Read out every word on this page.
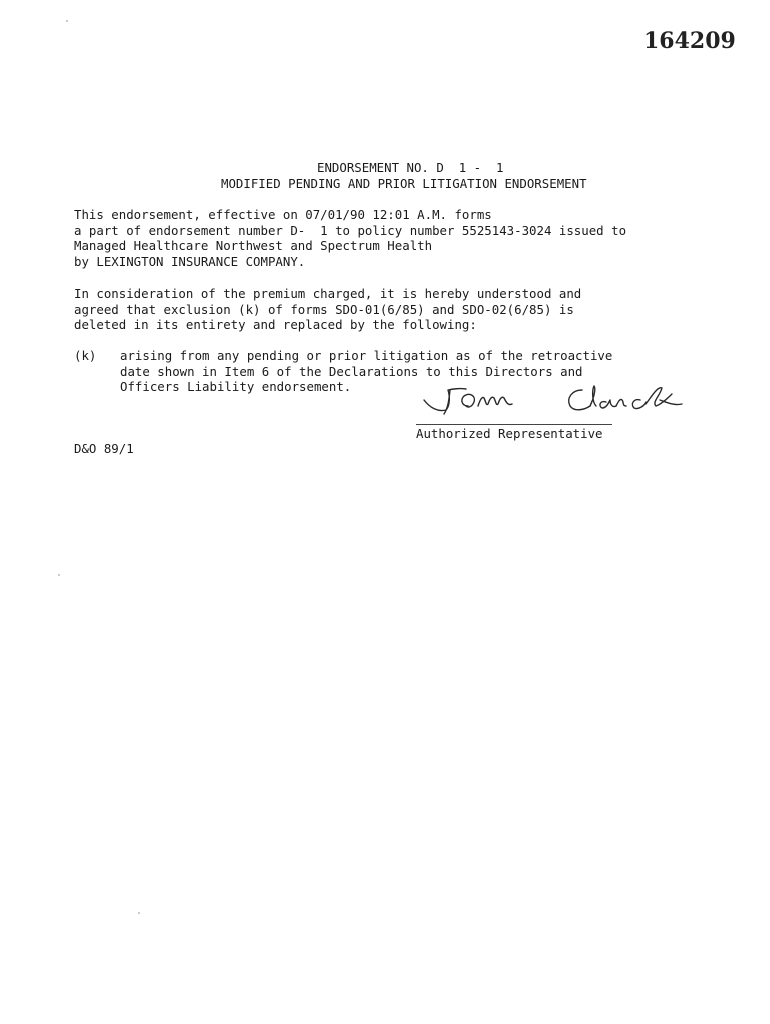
164209
ENDORSEMENT NO. D  1 -  1
MODIFIED PENDING AND PRIOR LITIGATION ENDORSEMENT
This endorsement, effective on 07/01/90 12:01 A.M. forms
a part of endorsement number D-  1 to policy number 5525143-3024 issued to
Managed Healthcare Northwest and Spectrum Health
by LEXINGTON INSURANCE COMPANY.
In consideration of the premium charged, it is hereby understood and
agreed that exclusion (k) of forms SDO-01(6/85) and SDO-02(6/85) is
deleted in its entirety and replaced by the following:
(k) arising from any pending or prior litigation as of the retroactive
date shown in Item 6 of the Declarations to this Directors and
Officers Liability endorsement.
Authorized Representative
D&O 89/1
